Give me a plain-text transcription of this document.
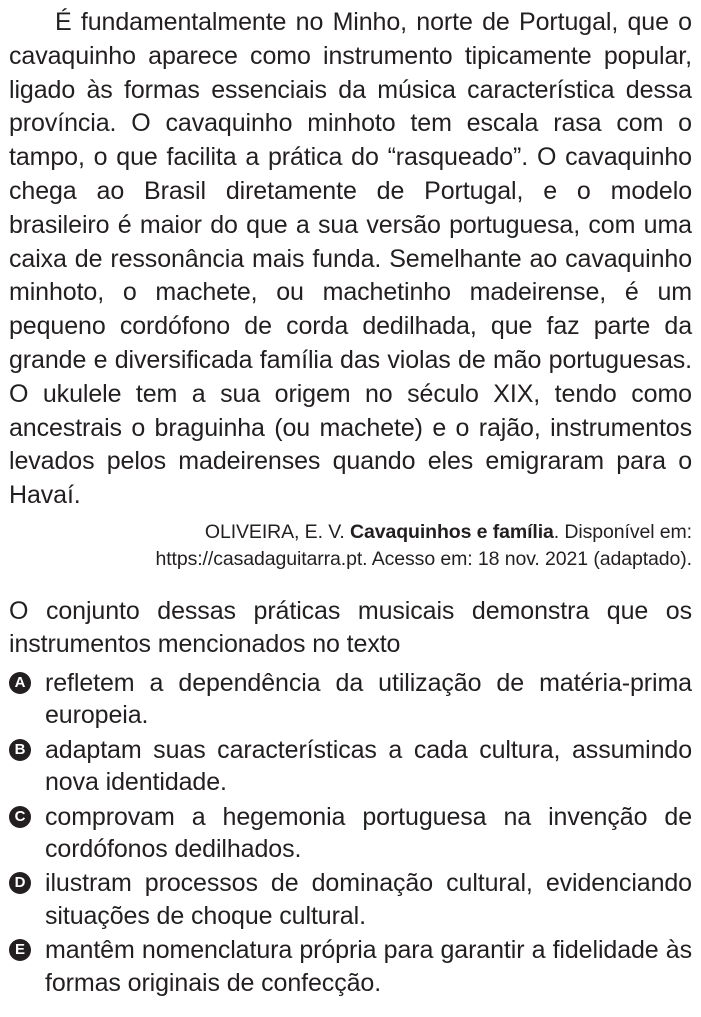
É fundamentalmente no Minho, norte de Portugal, que o cavaquinho aparece como instrumento tipicamente popular, ligado às formas essenciais da música característica dessa província. O cavaquinho minhoto tem escala rasa com o tampo, o que facilita a prática do “rasqueado”. O cavaquinho chega ao Brasil diretamente de Portugal, e o modelo brasileiro é maior do que a sua versão portuguesa, com uma caixa de ressonância mais funda. Semelhante ao cavaquinho minhoto, o machete, ou machetinho madeirense, é um pequeno cordófono de corda dedilhada, que faz parte da grande e diversificada família das violas de mão portuguesas. O ukulele tem a sua origem no século XIX, tendo como ancestrais o braguinha (ou machete) e o rajão, instrumentos levados pelos madeirenses quando eles emigraram para o Havaí.

OLIVEIRA, E. V. Cavaquinhos e família. Disponível em:
https://casadaguitarra.pt. Acesso em: 18 nov. 2021 (adaptado).

O conjunto dessas práticas musicais demonstra que os instrumentos mencionados no texto

A refletem a dependência da utilização de matéria-prima europeia.
B adaptam suas características a cada cultura, assumindo nova identidade.
C comprovam a hegemonia portuguesa na invenção de cordófonos dedilhados.
D ilustram processos de dominação cultural, evidenciando situações de choque cultural.
E mantêm nomenclatura própria para garantir a fidelidade às formas originais de confecção.
